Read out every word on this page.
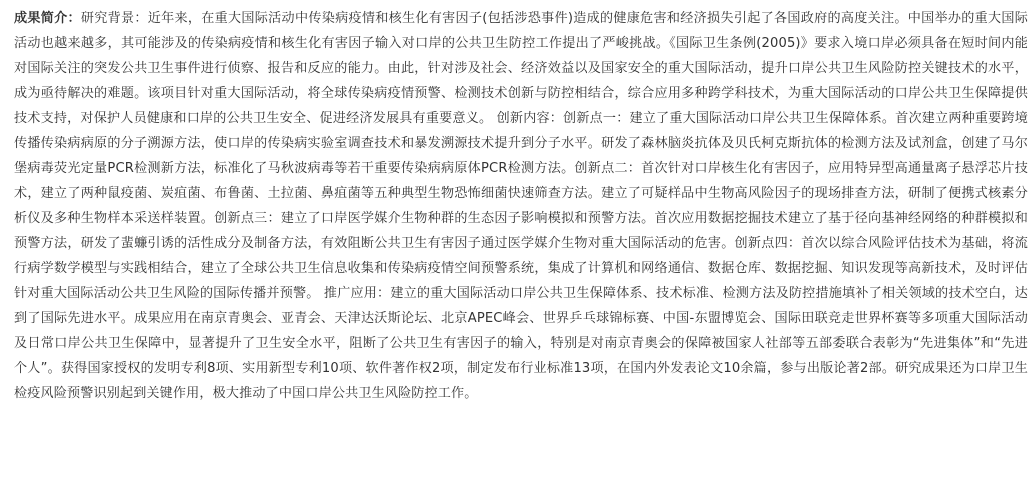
成果简介：研究背景：近年来，在重大国际活动中传染病疫情和核生化有害因子(包括涉恐事件)造成的健康危害和经济损失引起了各国政府的高度关注。中国举办的重大国际活动也越来越多，其可能涉及的传染病疫情和核生化有害因子输入对口岸的公共卫生防控工作提出了严峻挑战。《国际卫生条例(2005)》要求入境口岸必须具备在短时间内能对国际关注的突发公共卫生事件进行侦察、报告和反应的能力。由此，针对涉及社会、经济效益以及国家安全的重大国际活动，提升口岸公共卫生风险防控关键技术的水平，成为亟待解决的难题。该项目针对重大国际活动，将全球传染病疫情预警、检测技术创新与防控相结合，综合应用多种跨学科技术，为重大国际活动的口岸公共卫生保障提供技术支持，对保护人员健康和口岸的公共卫生安全、促进经济发展具有重要意义。 创新内容：创新点一：建立了重大国际活动口岸公共卫生保障体系。首次建立两种重要跨境传播传染病病原的分子溯源方法，使口岸的传染病实验室调查技术和暴发溯源技术提升到分子水平。研发了森林脑炎抗体及贝氏柯克斯抗体的检测方法及试剂盒，创建了马尔堡病毒荧光定量PCR检测新方法，标准化了马秋波病毒等若干重要传染病病原体PCR检测方法。创新点二：首次针对口岸核生化有害因子，应用特异型高通量离子悬浮芯片技术，建立了两种鼠疫菌、炭疽菌、布鲁菌、土拉菌、鼻疽菌等五种典型生物恐怖细菌快速筛查方法。建立了可疑样品中生物高风险因子的现场排查方法，研制了便携式核素分析仪及多种生物样本采送样装置。创新点三：建立了口岸医学媒介生物种群的生态因子影响模拟和预警方法。首次应用数据挖掘技术建立了基于径向基神经网络的种群模拟和预警方法，研发了蜚蠊引诱的活性成分及制备方法，有效阻断公共卫生有害因子通过医学媒介生物对重大国际活动的危害。创新点四：首次以综合风险评估技术为基础，将流行病学数学模型与实践相结合，建立了全球公共卫生信息收集和传染病疫情空间预警系统，集成了计算机和网络通信、数据仓库、数据挖掘、知识发现等高新技术，及时评估针对重大国际活动公共卫生风险的国际传播并预警。 推广应用：建立的重大国际活动口岸公共卫生保障体系、技术标准、检测方法及防控措施填补了相关领域的技术空白，达到了国际先进水平。成果应用在南京青奥会、亚青会、天津达沃斯论坛、北京APEC峰会、世界乒乓球锦标赛、中国-东盟博览会、国际田联竞走世界杯赛等多项重大国际活动及日常口岸公共卫生保障中，显著提升了卫生安全水平，阻断了公共卫生有害因子的输入，特别是对南京青奥会的保障被国家人社部等五部委联合表彰为“先进集体”和“先进个人”。获得国家授权的发明专利8项、实用新型专利10项、软件著作权2项，制定发布行业标准13项，在国内外发表论文10余篇，参与出版论著2部。研究成果还为口岸卫生检疫风险预警识别起到关键作用，极大推动了中国口岸公共卫生风险防控工作。
